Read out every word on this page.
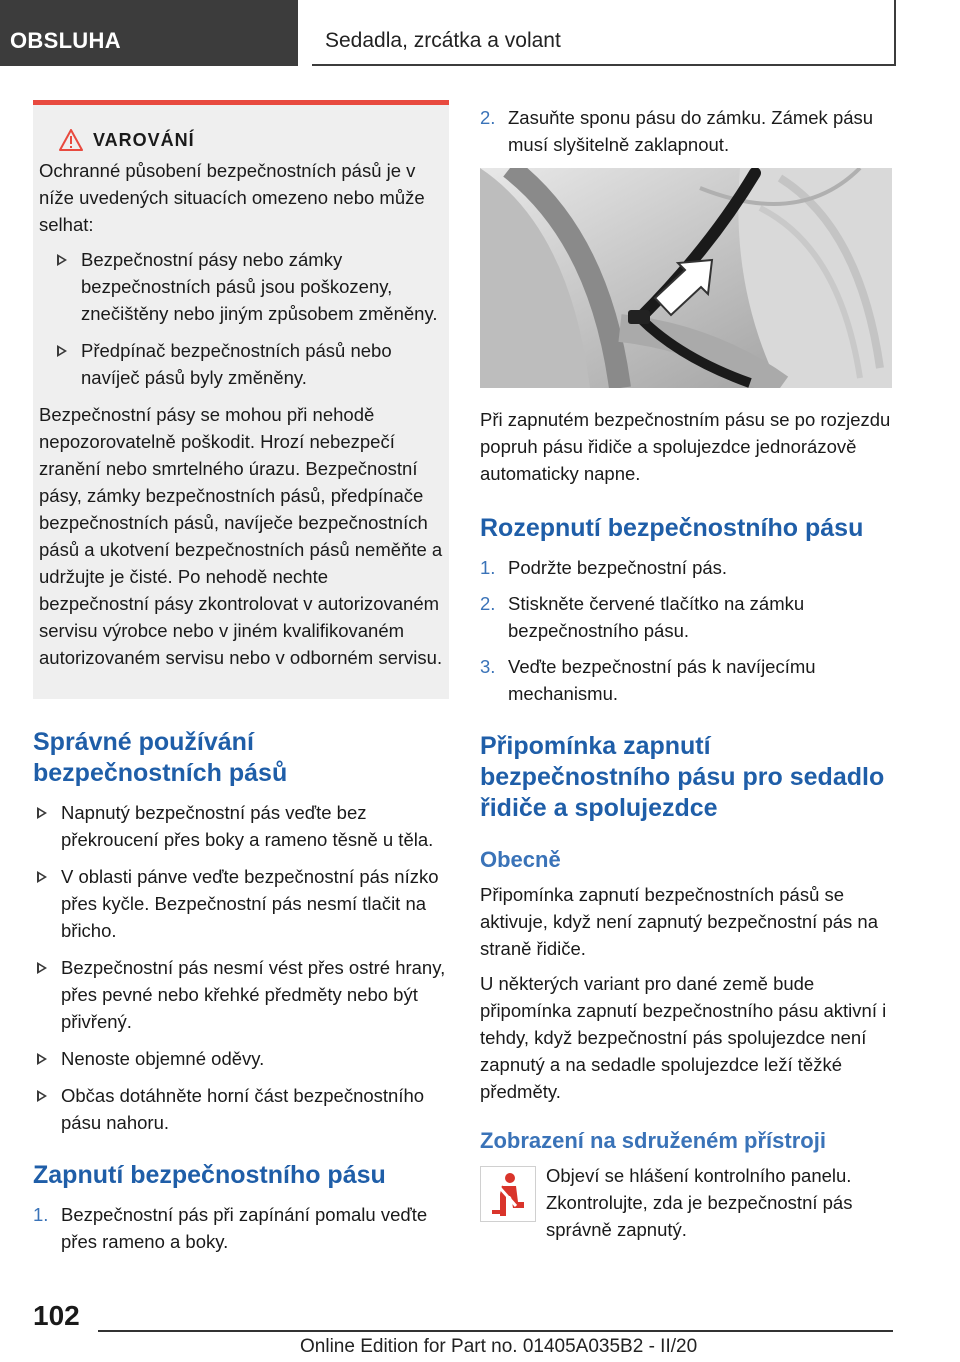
OBSLUHA	Sedadla, zrcátka a volant
VAROVÁNÍ

Ochranné působení bezpečnostních pásů je v níže uvedených situacích omezeno nebo může selhat:

Bezpečnostní pásy nebo zámky bezpečnostních pásů jsou poškozeny, znečištěny nebo jiným způsobem změněny.
Předpínač bezpečnostních pásů nebo navíječ pásů byly změněny.

Bezpečnostní pásy se mohou při nehodě nepozorovatelně poškodit. Hrozí nebezpečí zranění nebo smrtelného úrazu. Bezpečnostní pásy, zámky bezpečnostních pásů, předpínače bezpečnostních pásů, navíječe bezpečnostních pásů a ukotvení bezpečnostních pásů neměňte a udržujte je čisté. Po nehodě nechte bezpečnostní pásy zkontrolovat v autorizovaném servisu výrobce nebo v jiném kvalifikovaném autorizovaném servisu nebo v odborném servisu.

Správné používání bezpečnostních pásů
Napnutý bezpečnostní pás veďte bez překroucení přes boky a rameno těsně u těla.
V oblasti pánve veďte bezpečnostní pás nízko přes kyčle. Bezpečnostní pás nesmí tlačit na břicho.
Bezpečnostní pás nesmí vést přes ostré hrany, přes pevné nebo křehké předměty nebo být přivřený.
Nenoste objemné oděvy.
Občas dotáhněte horní část bezpečnostního pásu nahoru.
Zapnutí bezpečnostního pásu
1. Bezpečnostní pás při zapínání pomalu veďte přes rameno a boky.
2. Zasuňte sponu pásu do zámku. Zámek pásu musí slyšitelně zaklapnout.

Při zapnutém bezpečnostním pásu se po rozjezdu popruh pásu řidiče a spolujezdce jednorázově automaticky napne.

Rozepnutí bezpečnostního pásu
1. Podržte bezpečnostní pás.
2. Stiskněte červené tlačítko na zámku bezpečnostního pásu.
3. Veďte bezpečnostní pás k navíjecímu mechanismu.
Připomínka zapnutí bezpečnostního pásu pro sedadlo řidiče a spolujezdce
Obecně

Připomínka zapnutí bezpečnostních pásů se aktivuje, když není zapnutý bezpečnostní pás na straně řidiče.

U některých variant pro dané země bude připomínka zapnutí bezpečnostního pásu aktivní i tehdy, když bezpečnostní pás spolujezdce není zapnutý a na sedadle spolujezdce leží těžké předměty.

Zobrazení na sdruženém přístroji

Objeví se hlášení kontrolního panelu. Zkontrolujte, zda je bezpečnostní pás správně zapnutý.

102
Online Edition for Part no. 01405A035B2 - II/20
